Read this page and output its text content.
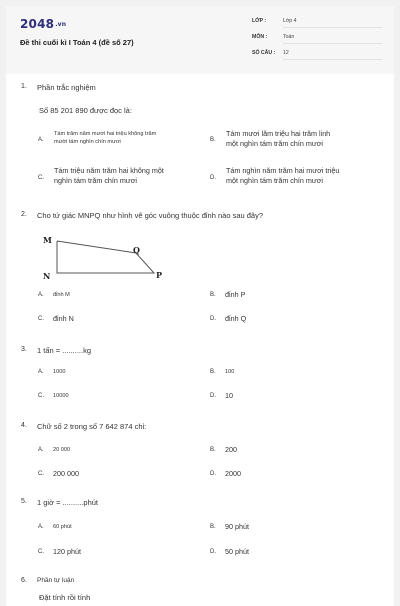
2048.vn
Đề thi cuối kì I Toán 4 (đề số 27)
LỚP :	Lớp 4
MÔN :	Toán
SỐ CÂU : 12
1. Phần trắc nghiệm
Số 85 201 890 được đọc là:
A.
Tám trăm năm mươi hai triệu không trăm
mười tám nghìn chín mươi	B.
Tám mươi lăm triệu hai trăm linh
một nghìn tám trăm chín mươi
C.
Tám triệu năm trăm hai không một
nghìn tám trăm chín mươi	D.
Tám nghìn năm trăm hai mươi triệu
một nghìn tám trăm chín mươi
2. Cho tứ giác MNPQ như hình vẽ góc vuông thuộc đỉnh nào sau đây?
M
N
Q
P
A. đỉnh M	B. đỉnh P
C. đỉnh N	D. đỉnh Q
3. 1 tấn = ..........kg
A. 1000	B. 100
C. 10000	D. 10
4. Chữ số 2 trong số 7 642 874 chỉ:
A. 20 000	B. 200
C. 200 000	D. 2000
5. 1 giờ = ..........phút
A. 60 phút	B. 90 phút
C. 120 phút	D. 50 phút
6. Phần tự luận
Đặt tính rồi tính
